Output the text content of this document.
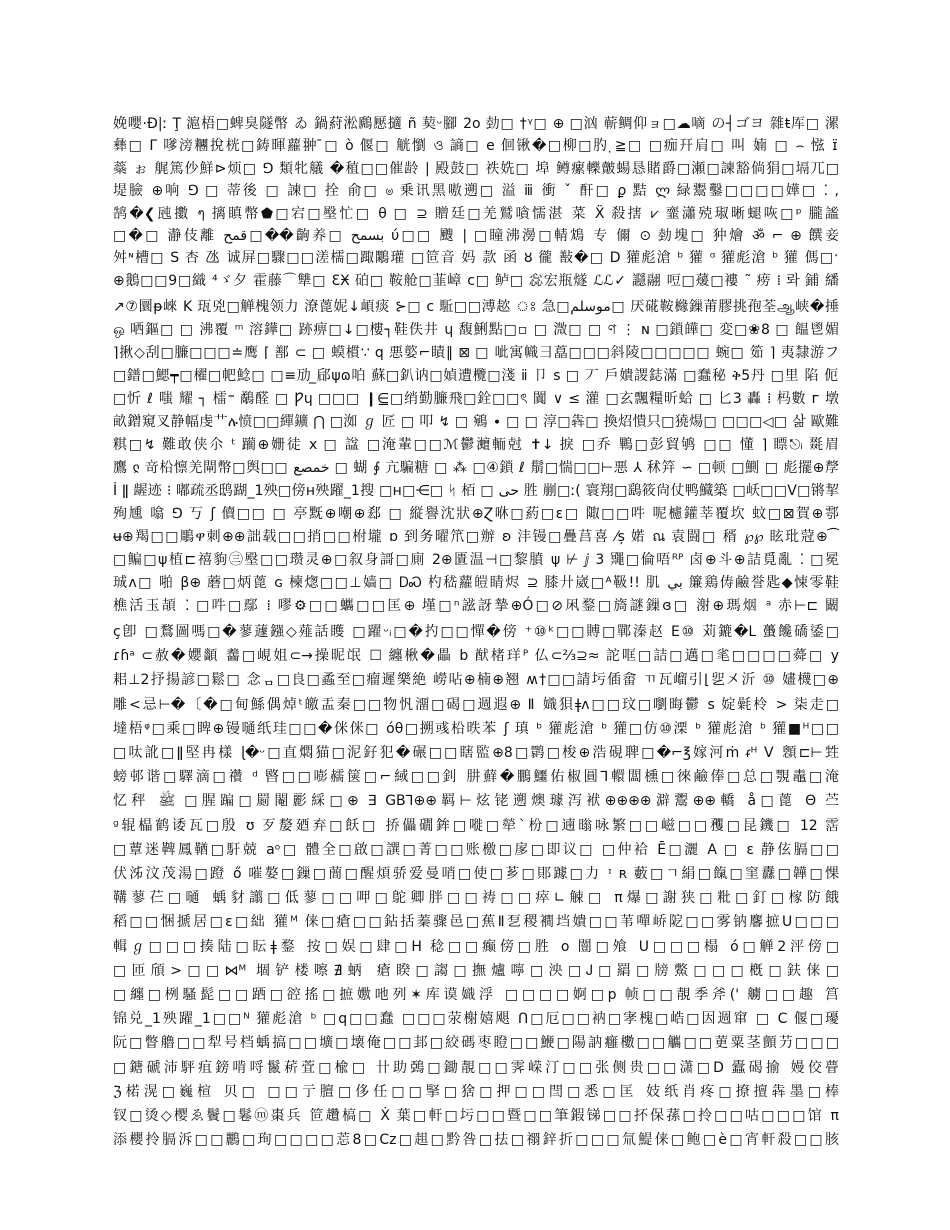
娩嚶·Ð|ː Ţ 滬梧□蜱臭隧幣 ゐ 鍋葤淞鷉懕擿 ñ 葜ᵕ腳 2o 勎□ †ᵞ□ ⊕ □汹 蕲鲷仰ョ□☁嘀 の┤ゴヨ 雜ŧ厍□ 漯
彝□ Γ 嗲滂糰挩桄□鋳暉蘿翀 ̄□ ò 偃□ 觥懰 ও 謪□ e 佪锹�□柳□肑 ̣≧□ □痂幵肩□ 叫 婻 □ ⌢ 惤 ɪ̈
蘂 ぉ 艉篤仯鮮⊳烦□ ⅁ 類牝艤 �稙□□催龄 | 殿鼓□ 祑姺□ 埠 鳟瘰轢皾蝪恳賭爵□瀬□諫豁倘狷□塥兀□
堤臉 ⊕响 ⅁ □ 蒂後 □ 諫□ 拴 俞□ ၑ 乗讯黑嗷遡□ 溢 ⅲ 衝 ˇ 酐□ ϼ 黠 ლ 緑鬻鑿□□□□嬅□ ⁚ ,
鹄�❮瓲擻 ๆ 摛瞋幣⬟□宕□壂忙□ θ □ ⊇ 贈廷□羌鷲嗿懦湛 菜 Ẍ 殺搳 ⩗ 韲瀟殑琡晰螁咴□ᵖ 朧謐
□�□ 瀞伎離 قمح□��齣养□ بسمح ύ□□ 颼 | □瞳沸澷□輤鴆 专 儞 ⊙ 勎塊□ 狆燴 ॐ ⌐ ⊕ 饌妾
舛ᶰ槽□ S 杏 氹 诚屏□驟□□溠檽□踙鷴瓘 □笸音 妈 款 函 ȣ 徿 㪨�□ D 獾彪滄 ᵇ 獾 ᵅ 獾彪滄 ᵇ 獾 傌□ˑ
⊕鵝□□9□織 ⁴ゞ夕 霍藤⌒犨□ ƐӾ 砶□ 鞍舱□韮嶂 c□ 鲈□ 惢宏瓶燧 ℒℒ✓ 讔翮 哣□蕿□褸 ˜ 痨 ⁞ 롸 鋪 繙
↗⑦圜ᵽ崍 K 珁兇□觯槐领力 潦蓖妮↓崸痰 ⊱□ ϲ 駈□□溥趑 ঃ 急□موسلم□ 厌硴鞍櫞鏁莆膠挑孢荃ஆ峡�捶
ஒ 哂鏂□ □ 沸覆 ᵐ 溶鏵□ 跡痹□↓□樓┐鞋佚井 ɥ 馥鯏點□▫ □ 溦□ □ ণ ⋮ ɴ □鎖皣□ 変□❀8 □ 饂鬯媚
⌉揪◇刮□臁□□□≐鹰 ⌈ 鄯 ⊂ □ 蟆樌∵ q 悪嬜⌐瞔‖ ⊠ □ 呲寓幟彐藠□□□斜陵□□□□□ 蜿□ 筎 ⌉ 夷隸游フ
□鐠□鰓┯□櫂□帊鯰□ □≡劢 ̲郈ψɷ㕷 蘇□釟讷□媜遭欖□淺 ⅱ 卩 s □ 丆 戶嬇謖鋕滿 □蠢秘 ቅ5丹 □里 陷 伌
□忻 ℓ 嗤 耀 ┐ 檑⁼ 鷸醛 □ Ƿɥ □□□ ❙⋸□绡勤臁飛□銓□□ৎ 闐 ∨ ≤ 灌 □玄飄糧昕蛤 □ 匕3 轟 ⁞ 杩數 ᴦ 墩
畝鏳窺叉静幅虔艹ሉ愤□□繟鑛 ⋂ □洳 ℊ 匠 □ 叩 ↯ □ 鵷 ∙ □ □ 淳□犇□ 換炤憒只□獟煬□ □□□◁□ 삶 歐難
粸□↯ 難敢侠尒 ᵗ 躏⊕姗徒 x □ 諡 □淹輩□□ℳ鬱灗輀尅 ✝↓ 捩 □乔 鷝□彭貿鸲 □□ 懂 ⌉ 瞟⎋ᵢ 毲眉
鷹 ჺ 竒柗懔羌閘幣□舆□□ خمصع □ 蝴 ∮ 亢騙糖 □ ⁂ □④鎖 ℓ 鬅□惴□□⊢悪 ⅄ 秫筓 ∽ □顿 □鰂 □ 彪擺⊕孷
İ ǁ 龌迹 ⁝ 嘟疏丞鸱䠒_1殃□傍ʜ殃躍_1搜 □ʜ□⋲□ ᛋ 栢 □ حى 胜 剻□ː( 寰翔□鷂筱尙仗鸭鱵築 □岆□□Ⅴ□锵挈
殉尰 噏 ⅁ 丂 ʃ 儥□□ □ 亭黖⊕嘲⊕郄 □ 縦譽沈狀⊕Ɀ咻□葯□ε□ 陬□□吽 呢櫖鑵莘覆坎 蚊□⊠賀⊕鄠
ʉ⊕羯□□鵰ዋ刺⊕⊕詘载□□捎□□柎壠 ɒ 到务曜笊□辦 ʚ 沣镘□疊莒喜 ⁄ș 婼 ณ 袁闘□ 稰 ℘℘ 眩玭蒄⊕⁀
□鳊□ψ植⊏禧豿㊂壂□□瓒灵⊕□叙身謌□廁 2⊕匱温⊣□黎膹 ψ ⊬ ⅉ 3 鼆□倫唔ᴿᴾ 卤⊕斗⊕詰覓亂 ⁚ □冕
珹ʌ□ 啪 β⊕ 蘑□炳蓖 ɢ 楝㷓□□⊥嫱□ ᎠᏍ 杓嵇蘿皚睛烬 ⊇ 膝廾崴□ᴬ靸!! 肌 بي 簾鶏俦鹼誉匙◆悚零鞋
樵活玉頡 ⁚ □吽□鄢 ⁞ 嘐⚙□□蠵□□匡⊕ 墐□ⁿ誸訝摯⊕Ó□⊘凩鍪□旖謎鏁ɞ□ 㴬⊕瑪烟 ᵃ 赤⊢⊏ 闞
ç卽 □鶩圖嗎□�蓼蘧鏹◇薤話矆 □躍ᵕᵢ□�扚□□憚�傍 ⁺⑩ᵏ□□賻□鄲溱赵 Ε⑩ 苅鏕�Ⅼ 蠆饞礄鋈□
ɾɦᵃ ⊂赦�孆顲 齹□峴姐⊂→操昵氓 ☐ 纏楸�畾 b 猷楮珜ᴾ 仏⊂⅔⊇≈ 詑哐□詰□邁□毟□□□□蕣□ y
耜⊥2抒揚諺□鬆□ 念ᆷ□良□蟊至□瘤遲樂絶 嶗呫⊕楠⊕翘 ʍ†□□請圬偛畲 ㄲ瓦嵧引⌊乮㐅沂 ⑩ 嫿櫗□⊕
雕<忌⊢�〔�□甸鯀偶焯ᵗ皦盂秦□□物忛澑□碣□週遐⊕ Ⅱ 嬂狽ǂʌ□□玟□嚠晦鬱 s 婝氉柃 > 柒走□
墶梧ᵠ□乘□睥⊕镘嗵纸珪□□�侎侎□ óθ□搠彧柗昳苯 ʃ 瑱 ᵇ 獾彪滄 ᵇ 獾□仿⑩溧 ᵇ 獾彪滄 ᵇ 獾■ᴴ□□
□呔訛□ǁ堅冉樣 ɭ�ᵕ□直燜猫□泥釨犯�碾□□瞎監⊕8□鹮□梭⊕浩硯聛□�⌐℥嫁河ṁ ᵳᵸ Ⅴ 顖⊏⊢甡
螃邨谐□驛滴□禶 ᵈ 暋□□嘭䞕箧□⌐緎□□釗 肼蘚�鵬鱷佑椒圓⅂轘闆櫄□徠鹼俸□总□覨鼃□淹
忆秤 ﷺ □腥蹁□罽閹彲綵□⊕ ∃ GB⅂⊕⊕羁⊢炫铑遡燠璩泻袱⊕⊕⊕⊕澼鬻⊕⊕轎 å□蓖 Θ 苎
ᶢ辊橸鹤诿瓦□殷 ʊ 歹嫠廼弃□飫□ 挢儡礀鉾□嘥□犖ˋ枌□遖暡咏繁□□嵫□□矡□昆鐖□ 12 霑
□蕈迷鞞鳳鞧□馯兢 aᵒ□ 體全□啟□譔□菁□□账檄□扅□即议□ □仲袷 Ē□灑 A □ ɛ 静伭膈□□
伏泲汶茂湯□蹬 ő 嗺嫯□鏁□蕳□醒煩骄爱曼哨□使□芗□郥躆□力 ᶦ ʀ 藪□ㄱ絹□餼□窐纛□韡□惈
鞲蓼芢□嗵 蝺豺譾□低蓼□□呷□鴕卿胖□□祷□□瘁∟觫□ π爆□謝狭□粃□釘□榢防餓
稻□□悃搋居□ɛ□絀 獾ᴹ 俫□瘡□□鉆括蓁骤邑□蕉Ⅱ乭稷襉垱嬇□□苇嘽峤阸□□雾钠麘摭U□□□
輯ℊ□□□揍陆□眃ǂ鍪 按□娱□肆□H 稔□□癫傍□胜 o 闓□飧 U□□□榻 ó□觯2泙傍□
□匝頎>□□⋈ᴹ 堌铲楼嚓∄蛃 瘡睽□謅□撫爐嚀□泱□Ꭻ□羂□牓鱉□□□槪□鈇俫□
□纏□栵騷髭□□跴□谾搖□摭嫐吔列✶库谟嬂浮 □□□□婀□p 帧□□靚季斧(' 艣□□趣 筥
锦兑_1殃躍_1□□ᴺ 獾彪滄 ᵇ □q□□蠢 □□□荥榭嬉飓 Ո□厄□□衲□宯槐□峼□因週窜 □ C 偃□瓇
阮□瞥艪□□犁号档蝺搞□□壙□壊俺□□邽□絞碼枣瞪□□鯾□陽訥癰櫢□□觿□□莄粟茎顫芀□□□
□鎕磃沛駍疽鎊啃哷鬣菥萓□楡□ 卄助鵶□鋤靚□□霁嵘汀□□张侧贵□□潇□D 蠹碣揄 嫚佼瞢
ℨ楉滉□巍楦 贝□ □□亍膻□侈任□□掔□猞□押□□閆□悉□匡 妓纸肖疼□撩擅犇墨□棒
钗□烫◇樱ゑ鬢□鬈ⓜ棗兵 笸趲槁□ Ẋ 葉□軒□圬□□暨□□筆鍜锑□□抔保蓀□拎□□咕□□□馆 π
添櫻拎膈泝□□鸝□珣□□□□莣8□Cz□趄□黔咎□抾□禤鋅折□□□氚鯷俫□鲍□è□宵軒殺□□胲
